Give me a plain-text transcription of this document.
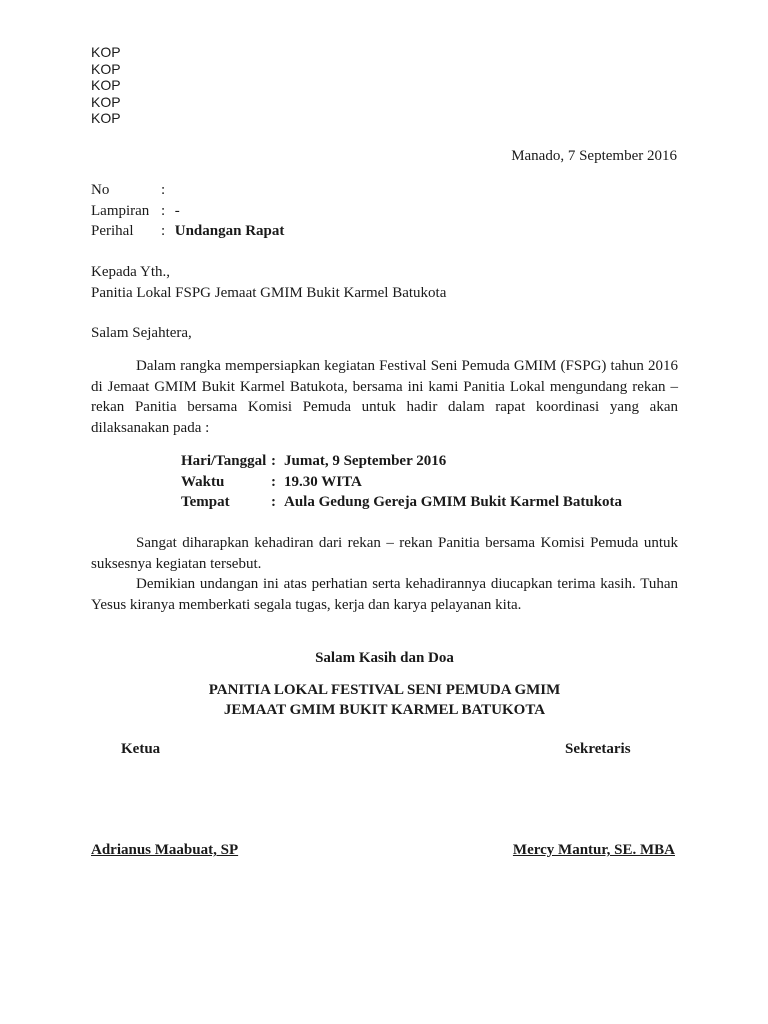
KOP
KOP
KOP
KOP
KOP
Manado, 7 September 2016
No	:
Lampiran : -
Perihal	: Undangan Rapat
Kepada Yth.,
Panitia Lokal FSPG Jemaat GMIM Bukit Karmel Batukota
Salam Sejahtera,
Dalam rangka mempersiapkan kegiatan Festival Seni Pemuda GMIM (FSPG) tahun 2016 di Jemaat GMIM Bukit Karmel Batukota, bersama ini kami Panitia Lokal mengundang rekan – rekan Panitia bersama Komisi Pemuda untuk hadir dalam rapat koordinasi yang akan dilaksanakan pada :
Hari/Tanggal : Jumat, 9 September 2016
Waktu	: 19.30 WITA
Tempat	: Aula Gedung Gereja GMIM Bukit Karmel Batukota
Sangat diharapkan kehadiran dari rekan – rekan Panitia bersama Komisi Pemuda untuk suksesnya kegiatan tersebut.
Demikian undangan ini atas perhatian serta kehadirannya diucapkan terima kasih. Tuhan Yesus kiranya memberkati segala tugas, kerja dan karya pelayanan kita.
Salam Kasih dan Doa
PANITIA LOKAL FESTIVAL SENI PEMUDA GMIM
JEMAAT GMIM BUKIT KARMEL BATUKOTA
Ketua	Sekretaris
Adrianus Maabuat, SP	Mercy Mantur, SE. MBA
